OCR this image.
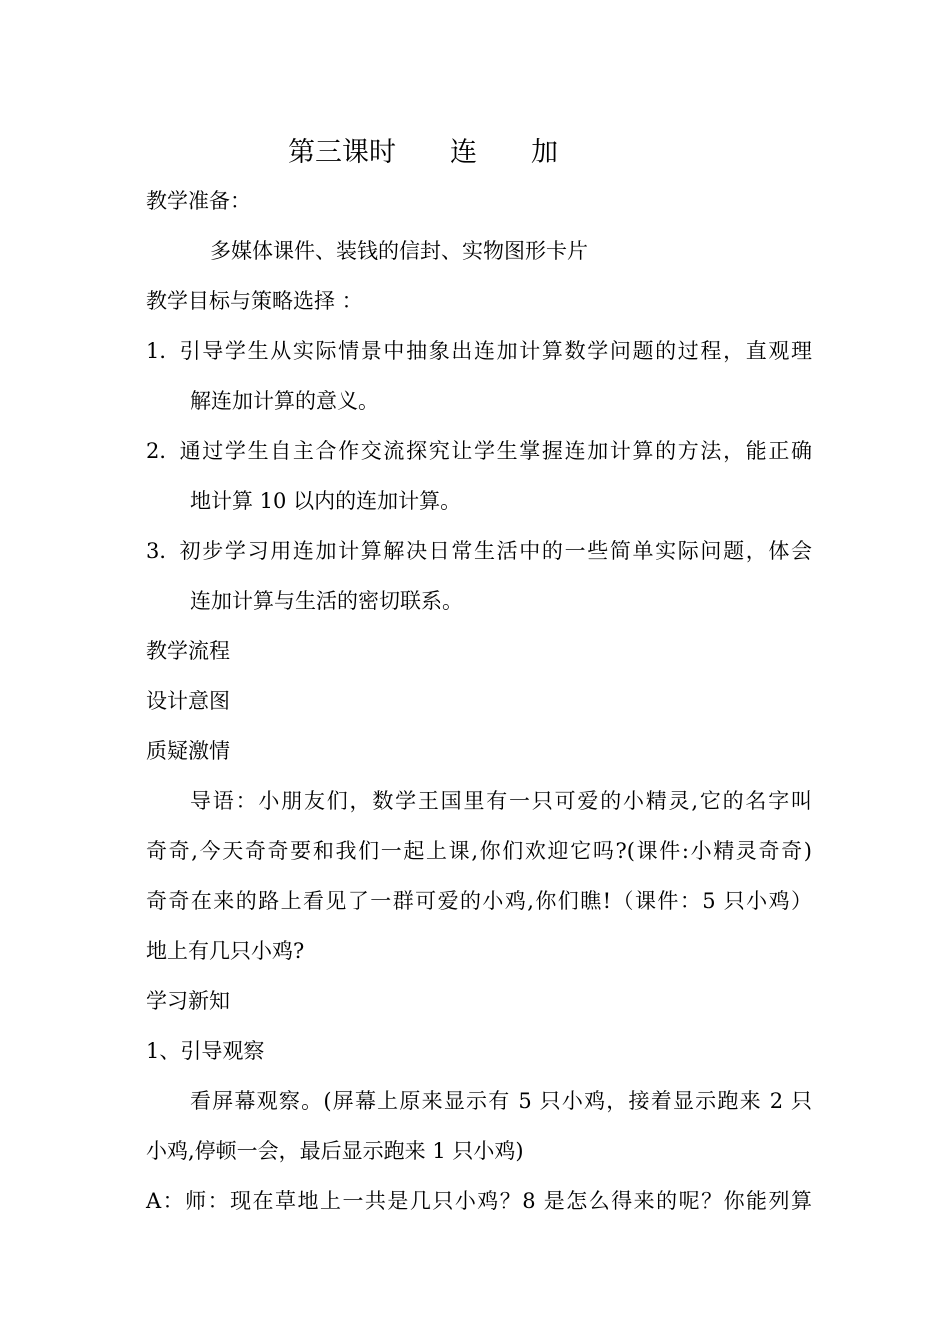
第三课时　　连　　加
教学准备：
多媒体课件、装钱的信封、实物图形卡片
教学目标与策略选择 ：
1．引导学生从实际情景中抽象出连加计算数学问题的过程，直观理
解连加计算的意义。
2．通过学生自主合作交流探究让学生掌握连加计算的方法，能正确
地计算 10 以内的连加计算。
3．初步学习用连加计算解决日常生活中的一些简单实际问题，体会
连加计算与生活的密切联系。
教学流程
设计意图
质疑激情
导语：小朋友们，数学王国里有一只可爱的小精灵,它的名字叫
奇奇,今天奇奇要和我们一起上课,你们欢迎它吗?(课件:小精灵奇奇)
奇奇在来的路上看见了一群可爱的小鸡,你们瞧!（课件：5 只小鸡）
地上有几只小鸡?
学习新知
1、引导观察
看屏幕观察。(屏幕上原来显示有 5 只小鸡，接着显示跑来 2 只
小鸡,停顿一会，最后显示跑来 1 只小鸡)
A：师：现在草地上一共是几只小鸡？8 是怎么得来的呢？你能列算
